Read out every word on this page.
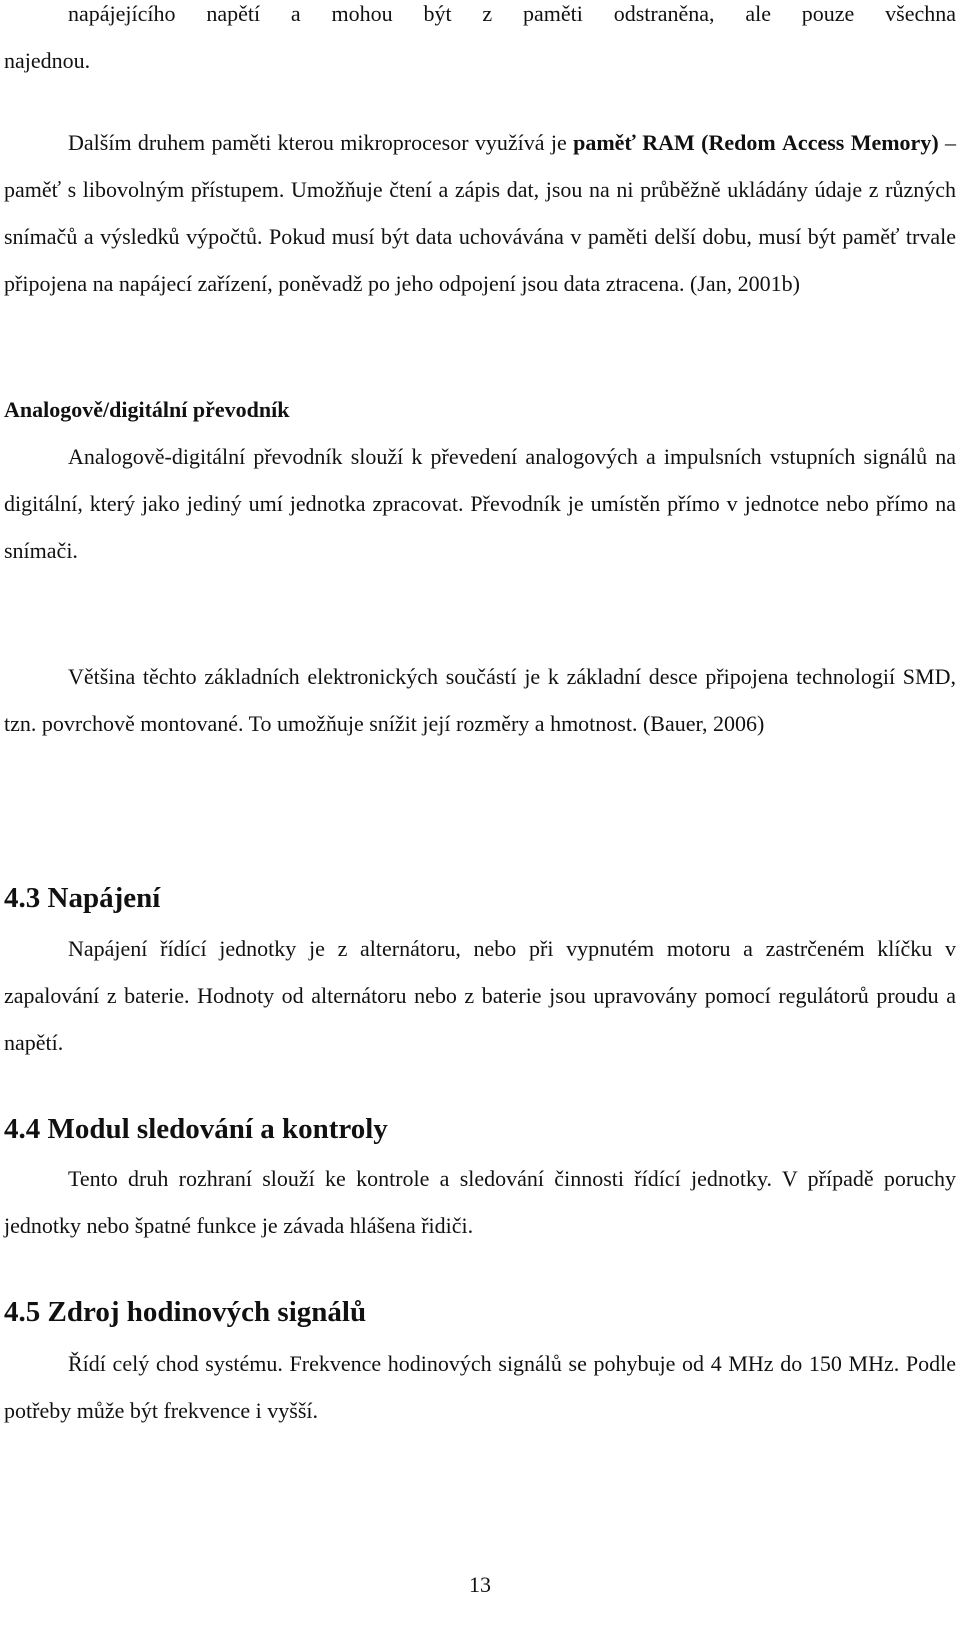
napájejícího napětí a mohou být z paměti odstraněna, ale pouze všechna
najednou.

Dalším druhem paměti kterou mikroprocesor využívá je paměť RAM (Redom Access Memory) – paměť s libovolným přístupem. Umožňuje čtení a zápis dat, jsou na ni průběžně ukládány údaje z různých snímačů a výsledků výpočtů. Pokud musí být data uchovávána v paměti delší dobu, musí být paměť trvale připojena na napájecí zařízení, poněvadž po jeho odpojení jsou data ztracena. (Jan, 2001b)

Analogově/digitální převodník

Analogově-digitální převodník slouží k převedení analogových a impulsních vstupních signálů na digitální, který jako jediný umí jednotka zpracovat. Převodník je umístěn přímo v jednotce nebo přímo na snímači.

Většina těchto základních elektronických součástí je k základní desce připojena technologií SMD, tzn. povrchově montované. To umožňuje snížit její rozměry a hmotnost. (Bauer, 2006)

4.3 Napájení

Napájení řídící jednotky je z alternátoru, nebo při vypnutém motoru a zastrčeném klíčku v zapalování z baterie. Hodnoty od alternátoru nebo z baterie jsou upravovány pomocí regulátorů proudu a napětí.

4.4 Modul sledování a kontroly

Tento druh rozhraní slouží ke kontrole a sledování činnosti řídící jednotky. V případě poruchy jednotky nebo špatné funkce je závada hlášena řidiči.

4.5 Zdroj hodinových signálů

Řídí celý chod systému. Frekvence hodinových signálů se pohybuje od 4 MHz do 150 MHz. Podle potřeby může být frekvence i vyšší.

13
